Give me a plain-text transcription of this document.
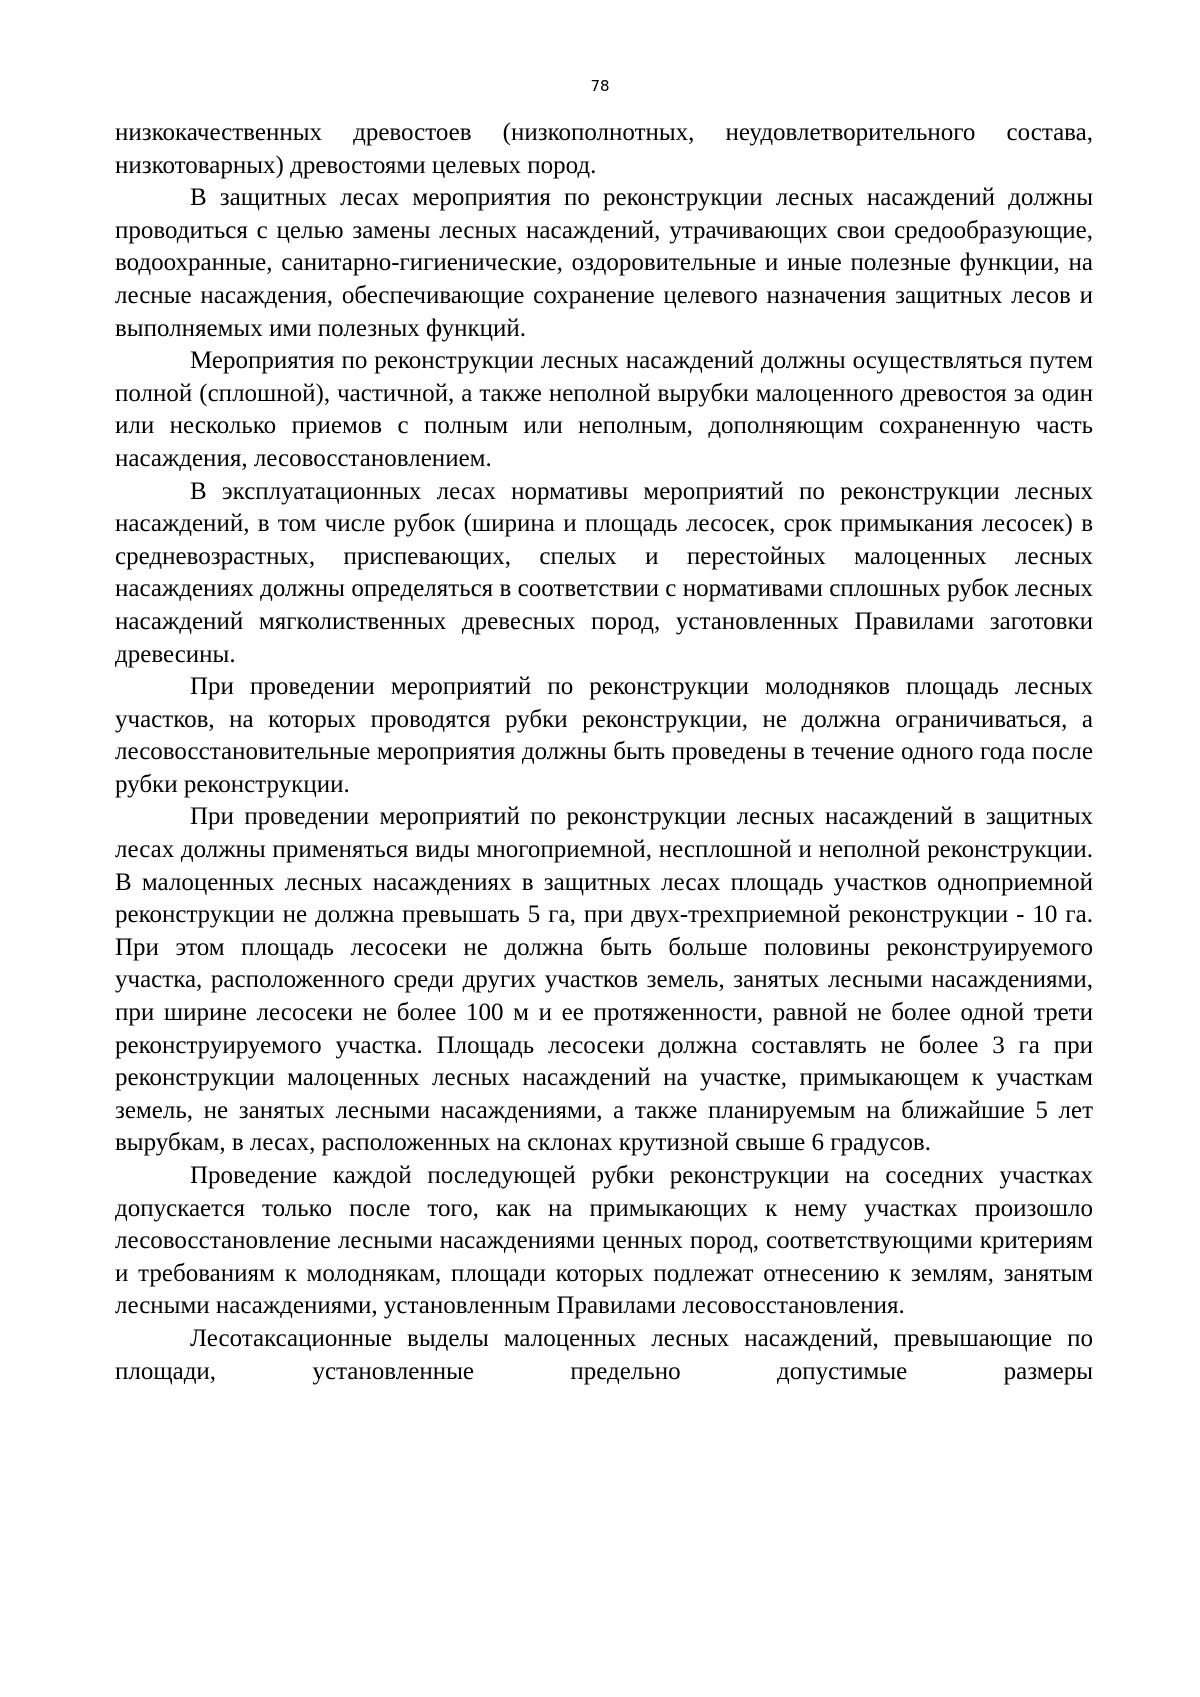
78

низкокачественных древостоев (низкополнотных, неудовлетворительного состава, низкотоварных) древостоями целевых пород.

В защитных лесах мероприятия по реконструкции лесных насаждений должны проводиться с целью замены лесных насаждений, утрачивающих свои средообразующие, водоохранные, санитарно-гигиенические, оздоровительные и иные полезные функции, на лесные насаждения, обеспечивающие сохранение целевого назначения защитных лесов и выполняемых ими полезных функций.

Мероприятия по реконструкции лесных насаждений должны осуществляться путем полной (сплошной), частичной, а также неполной вырубки малоценного древостоя за один или несколько приемов с полным или неполным, дополняющим сохраненную часть насаждения, лесовосстановлением.

В эксплуатационных лесах нормативы мероприятий по реконструкции лесных насаждений, в том числе рубок (ширина и площадь лесосек, срок примыкания лесосек) в средневозрастных, приспевающих, спелых и перестойных малоценных лесных насаждениях должны определяться в соответствии с нормативами сплошных рубок лесных насаждений мягколиственных древесных пород, установленных Правилами заготовки древесины.

При проведении мероприятий по реконструкции молодняков площадь лесных участков, на которых проводятся рубки реконструкции, не должна ограничиваться, а лесовосстановительные мероприятия должны быть проведены в течение одного года после рубки реконструкции.

При проведении мероприятий по реконструкции лесных насаждений в защитных лесах должны применяться виды многоприемной, несплошной и неполной реконструкции. В малоценных лесных насаждениях в защитных лесах площадь участков одноприемной реконструкции не должна превышать 5 га, при двух-трехприемной реконструкции - 10 га. При этом площадь лесосеки не должна быть больше половины реконструируемого участка, расположенного среди других участков земель, занятых лесными насаждениями, при ширине лесосеки не более 100 м и ее протяженности, равной не более одной трети реконструируемого участка. Площадь лесосеки должна составлять не более 3 га при реконструкции малоценных лесных насаждений на участке, примыкающем к участкам земель, не занятых лесными насаждениями, а также планируемым на ближайшие 5 лет вырубкам, в лесах, расположенных на склонах крутизной свыше 6 градусов.

Проведение каждой последующей рубки реконструкции на соседних участках допускается только после того, как на примыкающих к нему участках произошло лесовосстановление лесными насаждениями ценных пород, соответствующими критериям и требованиям к молоднякам, площади которых подлежат отнесению к землям, занятым лесными насаждениями, установленным Правилами лесовосстановления.

Лесотаксационные выделы малоценных лесных насаждений, превышающие по площади, установленные предельно допустимые размеры
